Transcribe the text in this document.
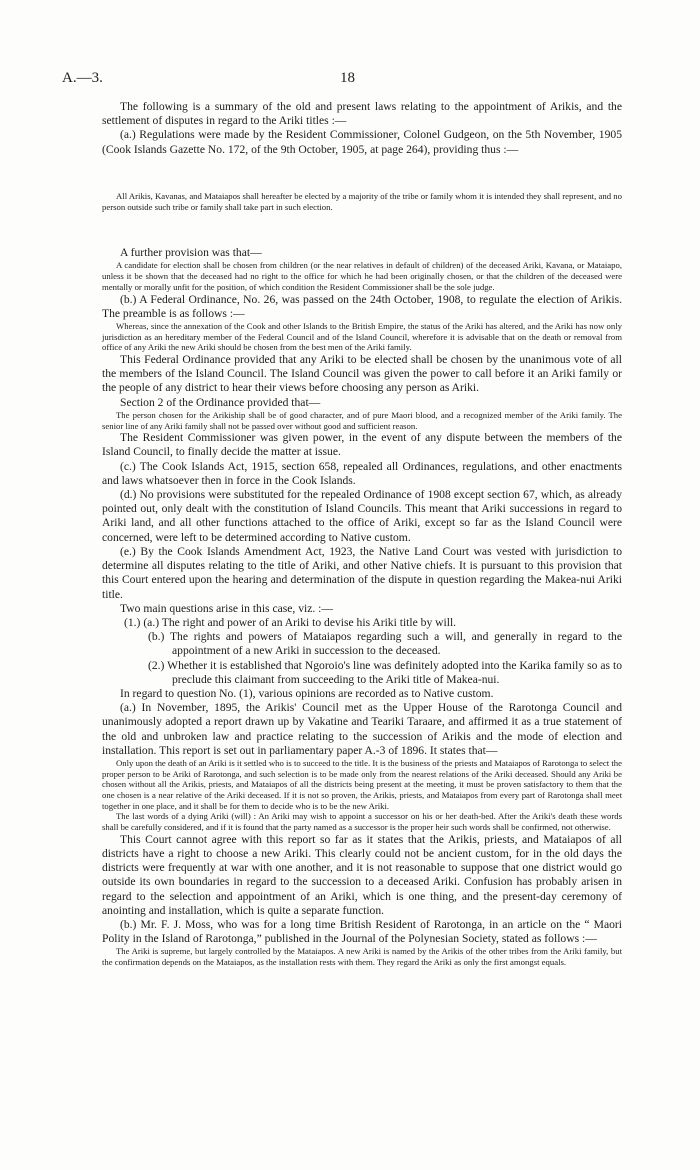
A.—3.	18

The following is a summary of the old and present laws relating to the appointment of Arikis, and the settlement of disputes in regard to the Ariki titles :—

(a.) Regulations were made by the Resident Commissioner, Colonel Gudgeon, on the 5th November, 1905 (Cook Islands Gazette No. 172, of the 9th October, 1905, at page 264), providing thus :—

All Arikis, Kavanas, and Mataiapos shall hereafter be elected by a majority of the tribe or family whom it is intended they shall represent, and no person outside such tribe or family shall take part in such election.

A further provision was that—

A candidate for election shall be chosen from children (or the near relatives in default of children) of the deceased Ariki, Kavana, or Mataiapo, unless it be shown that the deceased had no right to the office for which he had been originally chosen, or that the children of the deceased were mentally or morally unfit for the position, of which condition the Resident Commissioner shall be the sole judge.

(b.) A Federal Ordinance, No. 26, was passed on the 24th October, 1908, to regulate the election of Arikis. The preamble is as follows :—

Whereas, since the annexation of the Cook and other Islands to the British Empire, the status of the Ariki has altered, and the Ariki has now only jurisdiction as an hereditary member of the Federal Council and of the Island Council, wherefore it is advisable that on the death or removal from office of any Ariki the new Ariki should be chosen from the best men of the Ariki family.

This Federal Ordinance provided that any Ariki to be elected shall be chosen by the unanimous vote of all the members of the Island Council. The Island Council was given the power to call before it an Ariki family or the people of any district to hear their views before choosing any person as Ariki.

Section 2 of the Ordinance provided that—

The person chosen for the Arikiship shall be of good character, and of pure Maori blood, and a recognized member of the Ariki family. The senior line of any Ariki family shall not be passed over without good and sufficient reason.

The Resident Commissioner was given power, in the event of any dispute between the members of the Island Council, to finally decide the matter at issue.

(c.) The Cook Islands Act, 1915, section 658, repealed all Ordinances, regulations, and other enactments and laws whatsoever then in force in the Cook Islands.

(d.) No provisions were substituted for the repealed Ordinance of 1908 except section 67, which, as already pointed out, only dealt with the constitution of Island Councils. This meant that Ariki successions in regard to Ariki land, and all other functions attached to the office of Ariki, except so far as the Island Council were concerned, were left to be determined according to Native custom.

(e.) By the Cook Islands Amendment Act, 1923, the Native Land Court was vested with jurisdiction to determine all disputes relating to the title of Ariki, and other Native chiefs. It is pursuant to this provision that this Court entered upon the hearing and determination of the dispute in question regarding the Makea-nui Ariki title.

Two main questions arise in this case, viz. :—

(1.) (a.) The right and power of an Ariki to devise his Ariki title by will.

(b.) The rights and powers of Mataiapos regarding such a will, and generally in regard to the appointment of a new Ariki in succession to the deceased.

(2.) Whether it is established that Ngoroio's line was definitely adopted into the Karika family so as to preclude this claimant from succeeding to the Ariki title of Makea-nui.

In regard to question No. (1), various opinions are recorded as to Native custom.

(a.) In November, 1895, the Arikis' Council met as the Upper House of the Rarotonga Council and unanimously adopted a report drawn up by Vakatine and Teariki Taraare, and affirmed it as a true statement of the old and unbroken law and practice relating to the succession of Arikis and the mode of election and installation. This report is set out in parliamentary paper A.-3 of 1896. It states that—

Only upon the death of an Ariki is it settled who is to succeed to the title. It is the business of the priests and Mataiapos of Rarotonga to select the proper person to be Ariki of Rarotonga, and such selection is to be made only from the nearest relations of the Ariki deceased. Should any Ariki be chosen without all the Arikis, priests, and Mataiapos of all the districts being present at the meeting, it must be proven satisfactory to them that the one chosen is a near relative of the Ariki deceased. If it is not so proven, the Arikis, priests, and Mataiapos from every part of Rarotonga shall meet together in one place, and it shall be for them to decide who is to be the new Ariki.

The last words of a dying Ariki (will) : An Ariki may wish to appoint a successor on his or her death-bed. After the Ariki's death these words shall be carefully considered, and if it is found that the party named as a successor is the proper heir such words shall be confirmed, not otherwise.

This Court cannot agree with this report so far as it states that the Arikis, priests, and Mataiapos of all districts have a right to choose a new Ariki. This clearly could not be ancient custom, for in the old days the districts were frequently at war with one another, and it is not reasonable to suppose that one district would go outside its own boundaries in regard to the succession to a deceased Ariki. Confusion has probably arisen in regard to the selection and appointment of an Ariki, which is one thing, and the present-day ceremony of anointing and installation, which is quite a separate function.

(b.) Mr. F. J. Moss, who was for a long time British Resident of Rarotonga, in an article on the “ Maori Polity in the Island of Rarotonga,” published in the Journal of the Polynesian Society, stated as follows :—

The Ariki is supreme, but largely controlled by the Mataiapos. A new Ariki is named by the Arikis of the other tribes from the Ariki family, but the confirmation depends on the Mataiapos, as the installation rests with them. They regard the Ariki as only the first amongst equals.
